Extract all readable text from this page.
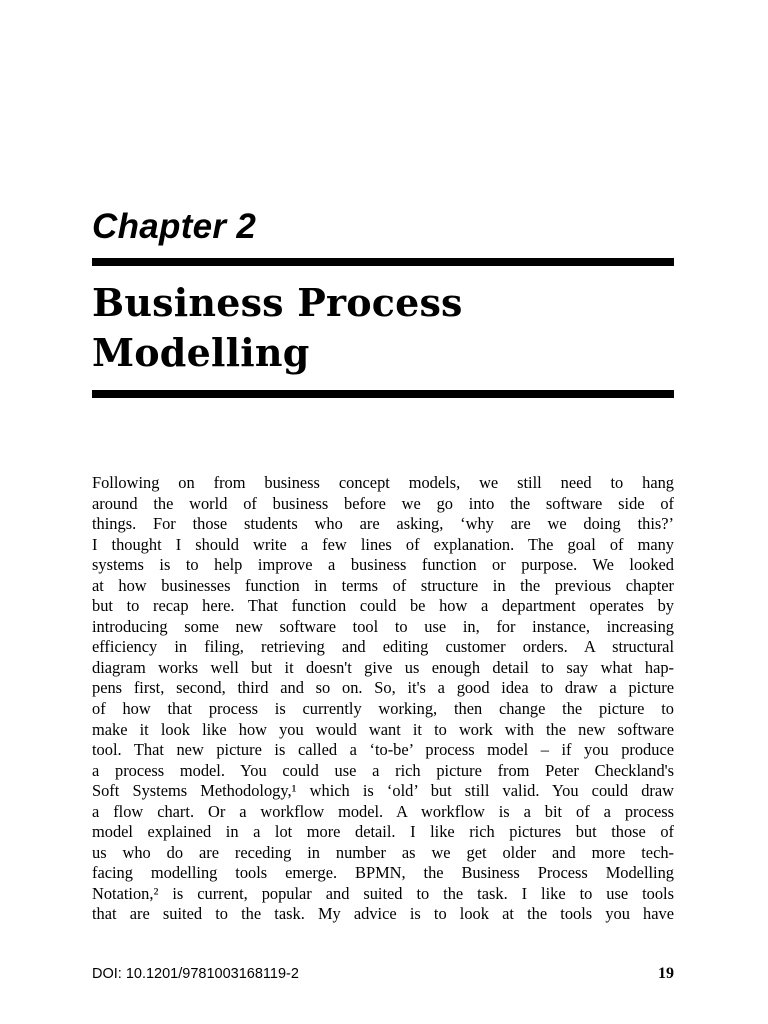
Chapter 2
Business Process
Modelling
Following on from business concept models, we still need to hang
around the world of business before we go into the software side of
things. For those students who are asking, ‘why are we doing this?’
I thought I should write a few lines of explanation. The goal of many
systems is to help improve a business function or purpose. We looked
at how businesses function in terms of structure in the previous chapter
but to recap here. That function could be how a department operates by
introducing some new software tool to use in, for instance, increasing
efficiency in filing, retrieving and editing customer orders. A structural
diagram works well but it doesn't give us enough detail to say what hap-
pens first, second, third and so on. So, it's a good idea to draw a picture
of how that process is currently working, then change the picture to
make it look like how you would want it to work with the new software
tool. That new picture is called a ‘to-be’ process model – if you produce
a process model. You could use a rich picture from Peter Checkland's
Soft Systems Methodology,¹ which is ‘old’ but still valid. You could draw
a flow chart. Or a workflow model. A workflow is a bit of a process
model explained in a lot more detail. I like rich pictures but those of
us who do are receding in number as we get older and more tech-
facing modelling tools emerge. BPMN, the Business Process Modelling
Notation,² is current, popular and suited to the task. I like to use tools
that are suited to the task. My advice is to look at the tools you have
DOI: 10.1201/9781003168119-2	19
